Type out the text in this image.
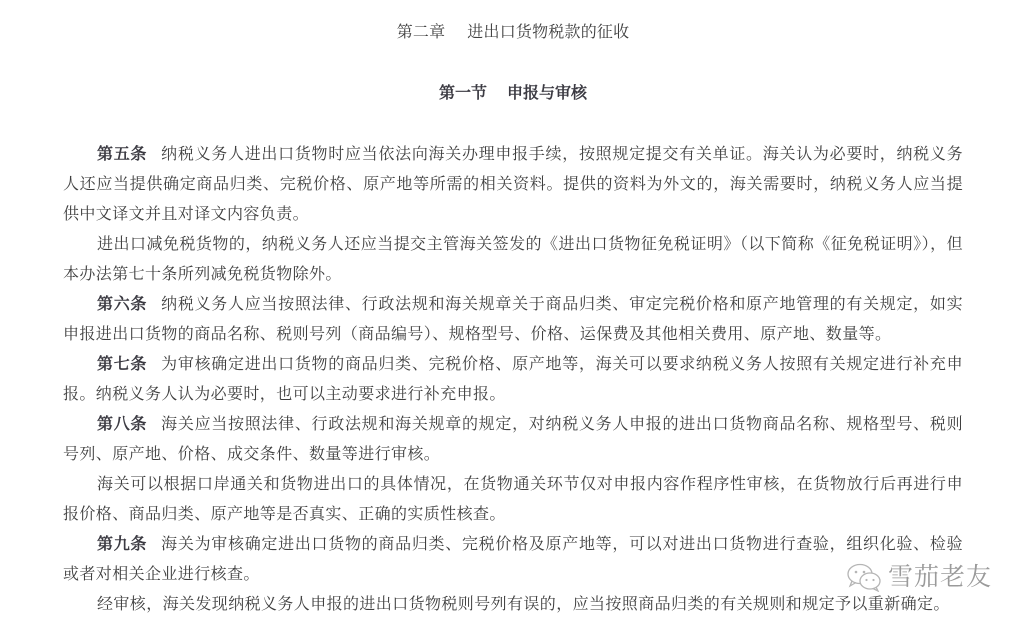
第二章 进出口货物税款的征收
第一节 申报与审核

第五条 纳税义务人进出口货物时应当依法向海关办理申报手续，按照规定提交有关单证。海关认为必要时，纳税义务人还应当提供确定商品归类、完税价格、原产地等所需的相关资料。提供的资料为外文的，海关需要时，纳税义务人应当提供中文译文并且对译文内容负责。

进出口减免税货物的，纳税义务人还应当提交主管海关签发的《进出口货物征免税证明》（以下简称《征免税证明》），但本办法第七十条所列减免税货物除外。

第六条 纳税义务人应当按照法律、行政法规和海关规章关于商品归类、审定完税价格和原产地管理的有关规定，如实申报进出口货物的商品名称、税则号列（商品编号）、规格型号、价格、运保费及其他相关费用、原产地、数量等。

第七条 为审核确定进出口货物的商品归类、完税价格、原产地等，海关可以要求纳税义务人按照有关规定进行补充申报。纳税义务人认为必要时，也可以主动要求进行补充申报。

第八条 海关应当按照法律、行政法规和海关规章的规定，对纳税义务人申报的进出口货物商品名称、规格型号、税则号列、原产地、价格、成交条件、数量等进行审核。

海关可以根据口岸通关和货物进出口的具体情况，在货物通关环节仅对申报内容作程序性审核，在货物放行后再进行申报价格、商品归类、原产地等是否真实、正确的实质性核查。

第九条 海关为审核确定进出口货物的商品归类、完税价格及原产地等，可以对进出口货物进行查验，组织化验、检验或者对相关企业进行核查。

经审核，海关发现纳税义务人申报的进出口货物税则号列有误的，应当按照商品归类的有关规则和规定予以重新确定。

雪茄老友
